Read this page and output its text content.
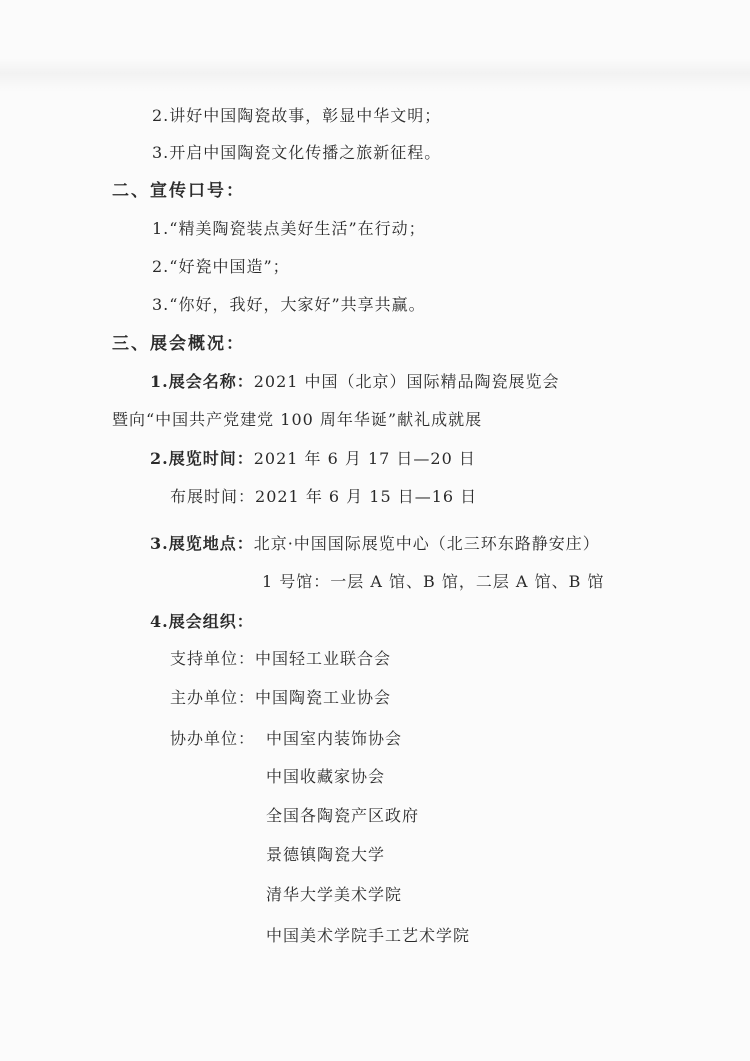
2.讲好中国陶瓷故事，彰显中华文明；
3.开启中国陶瓷文化传播之旅新征程。
二、宣传口号：
1.“精美陶瓷装点美好生活”在行动；
2.“好瓷中国造”；
3.“你好，我好，大家好”共享共赢。
三、展会概况：
1.展会名称：2021 中国（北京）国际精品陶瓷展览会
暨向“中国共产党建党 100 周年华诞”献礼成就展
2.展览时间：2021 年 6 月 17 日—20 日
布展时间：2021 年 6 月 15 日—16 日
3.展览地点：北京·中国国际展览中心（北三环东路静安庄）
1 号馆：一层 A 馆、B 馆，二层 A 馆、B 馆
4.展会组织：
支持单位：中国轻工业联合会
主办单位：中国陶瓷工业协会
协办单位： 中国室内装饰协会
中国收藏家协会
全国各陶瓷产区政府
景德镇陶瓷大学
清华大学美术学院
中国美术学院手工艺术学院
